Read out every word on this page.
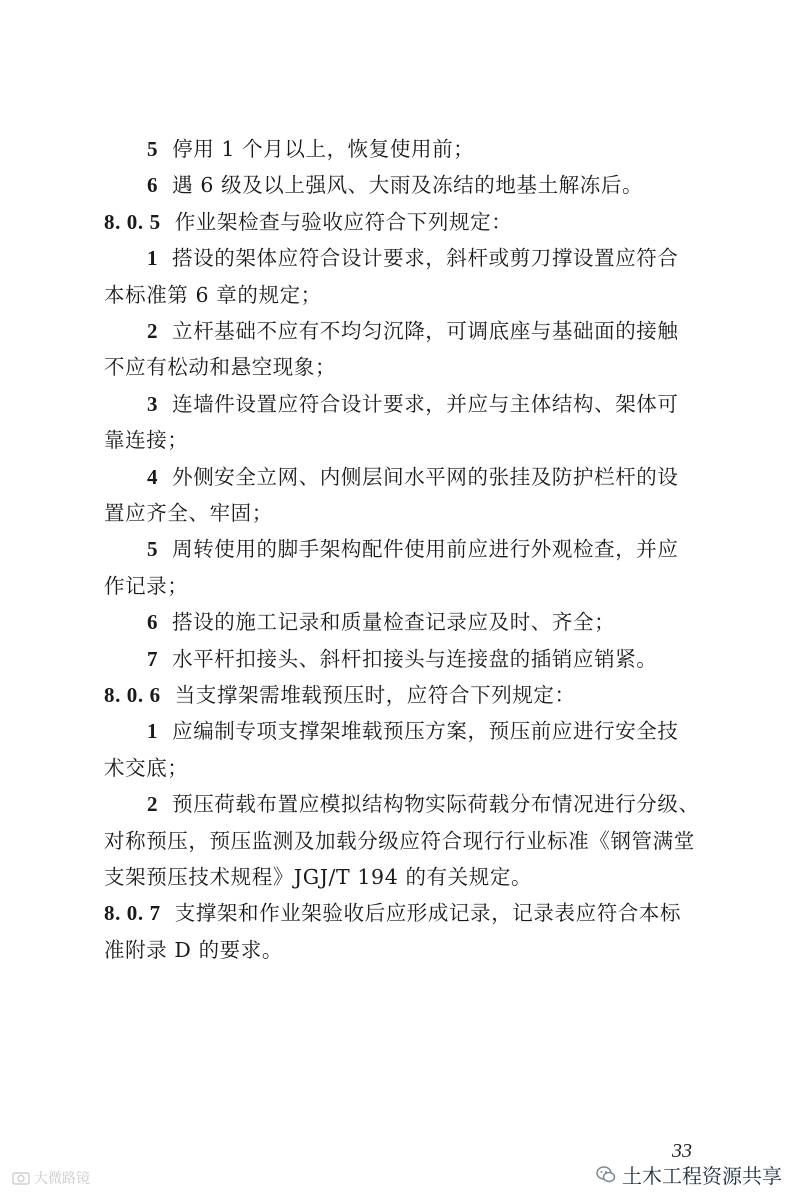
5 停用 1 个月以上，恢复使用前；
6 遇 6 级及以上强风、大雨及冻结的地基土解冻后。
8. 0. 5 作业架检查与验收应符合下列规定：
1 搭设的架体应符合设计要求，斜杆或剪刀撑设置应符合
本标准第 6 章的规定；
2 立杆基础不应有不均匀沉降，可调底座与基础面的接触
不应有松动和悬空现象；
3 连墙件设置应符合设计要求，并应与主体结构、架体可
靠连接；
4 外侧安全立网、内侧层间水平网的张挂及防护栏杆的设
置应齐全、牢固；
5 周转使用的脚手架构配件使用前应进行外观检查，并应
作记录；
6 搭设的施工记录和质量检查记录应及时、齐全；
7 水平杆扣接头、斜杆扣接头与连接盘的插销应销紧。
8. 0. 6 当支撑架需堆载预压时，应符合下列规定：
1 应编制专项支撑架堆载预压方案，预压前应进行安全技
术交底；
2 预压荷载布置应模拟结构物实际荷载分布情况进行分级、
对称预压，预压监测及加载分级应符合现行行业标准《钢管满堂
支架预压技术规程》JGJ/T 194 的有关规定。
8. 0. 7 支撑架和作业架验收后应形成记录，记录表应符合本标
准附录 D 的要求。
33
土木工程资源共享
大微路镜
